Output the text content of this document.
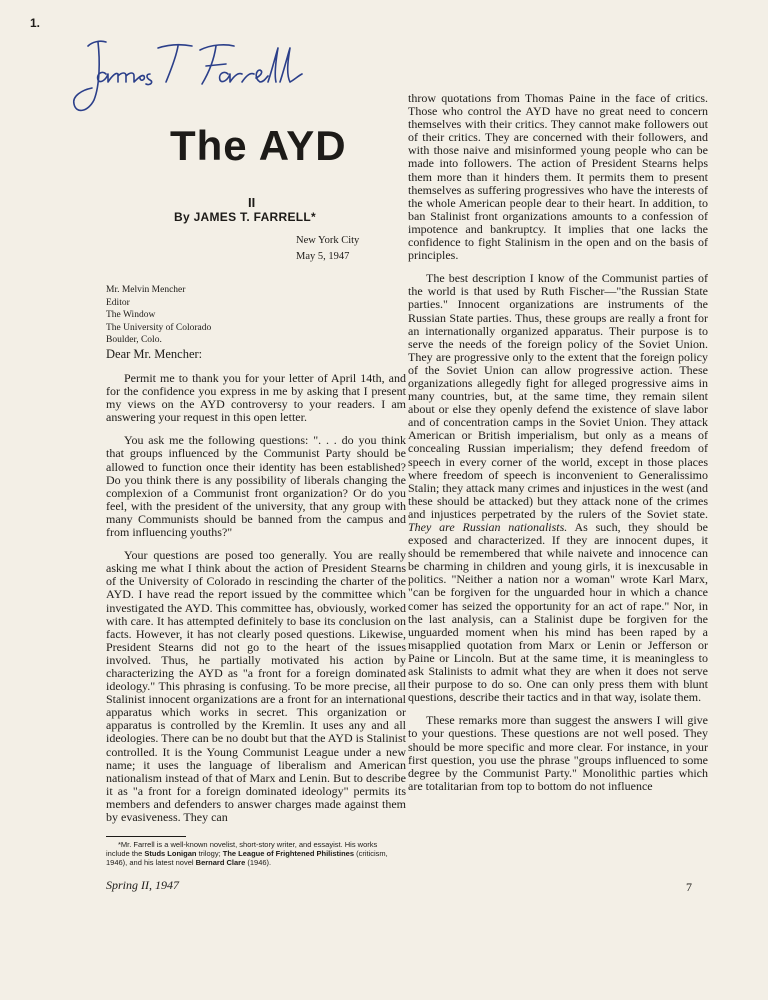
1.
The AYD
II
By JAMES T. FARRELL*
New York City
May 5, 1947
Mr. Melvin Mencher
Editor
The Window
The University of Colorado
Boulder, Colo.
Dear Mr. Mencher:

Permit me to thank you for your letter of April 14th, and for the confidence you express in me by asking that I present my views on the AYD controversy to your readers. I am answering your request in this open letter.

You ask me the following questions: ". . . do you think that groups influenced by the Communist Party should be allowed to function once their identity has been established? Do you think there is any possibility of liberals changing the complexion of a Communist front organization? Or do you feel, with the president of the university, that any group with many Communists should be banned from the campus and from influencing youths?"

Your questions are posed too generally. You are really asking me what I think about the action of President Stearns of the University of Colorado in rescinding the charter of the AYD. I have read the report issued by the committee which investigated the AYD. This committee has, obviously, worked with care. It has attempted definitely to base its conclusion on facts. However, it has not clearly posed questions. Likewise, President Stearns did not go to the heart of the issues involved. Thus, he partially motivated his action by characterizing the AYD as "a front for a foreign dominated ideology." This phrasing is confusing. To be more precise, all Stalinist innocent organizations are a front for an international apparatus which works in secret. This organization or apparatus is controlled by the Kremlin. It uses any and all ideologies. There can be no doubt but that the AYD is Stalinist controlled. It is the Young Communist League under a new name; it uses the language of liberalism and American nationalism instead of that of Marx and Lenin. But to describe it as "a front for a foreign dominated ideology" permits its members and defenders to answer charges made against them by evasiveness. They can

throw quotations from Thomas Paine in the face of critics. Those who control the AYD have no great need to concern themselves with their critics. They cannot make followers out of their critics. They are concerned with their followers, and with those naive and misinformed young people who can be made into followers. The action of President Stearns helps them more than it hinders them. It permits them to present themselves as suffering progressives who have the interests of the whole American people dear to their heart. In addition, to ban Stalinist front organizations amounts to a confession of impotence and bankruptcy. It implies that one lacks the confidence to fight Stalinism in the open and on the basis of principles.

The best description I know of the Communist parties of the world is that used by Ruth Fischer—"the Russian State parties." Innocent organizations are instruments of the Russian State parties. Thus, these groups are really a front for an internationally organized apparatus. Their purpose is to serve the needs of the foreign policy of the Soviet Union. They are progressive only to the extent that the foreign policy of the Soviet Union can allow progressive action. These organizations allegedly fight for alleged progressive aims in many countries, but, at the same time, they remain silent about or else they openly defend the existence of slave labor and of concentration camps in the Soviet Union. They attack American or British imperialism, but only as a means of concealing Russian imperialism; they defend freedom of speech in every corner of the world, except in those places where freedom of speech is inconvenient to Generalissimo Stalin; they attack many crimes and injustices in the west (and these should be attacked) but they attack none of the crimes and injustices perpetrated by the rulers of the Soviet state. They are Russian nationalists. As such, they should be exposed and characterized. If they are innocent dupes, it should be remembered that while naivete and innocence can be charming in children and young girls, it is inexcusable in politics. "Neither a nation nor a woman" wrote Karl Marx, "can be forgiven for the unguarded hour in which a chance comer has seized the opportunity for an act of rape." Nor, in the last analysis, can a Stalinist dupe be forgiven for the unguarded moment when his mind has been raped by a misapplied quotation from Marx or Lenin or Jefferson or Paine or Lincoln. But at the same time, it is meaningless to ask Stalinists to admit what they are when it does not serve their purpose to do so. One can only press them with blunt questions, describe their tactics and in that way, isolate them.

These remarks more than suggest the answers I will give to your questions. These questions are not well posed. They should be more specific and more clear. For instance, in your first question, you use the phrase "groups influenced to some degree by the Communist Party." Monolithic parties which are totalitarian from top to bottom do not influence

*Mr. Farrell is a well-known novelist, short-story writer, and essayist. His works include the Studs Lonigan trilogy; The League of Frightened Philistines (criticism, 1946), and his latest novel Bernard Clare (1946).
Spring II, 1947	7
